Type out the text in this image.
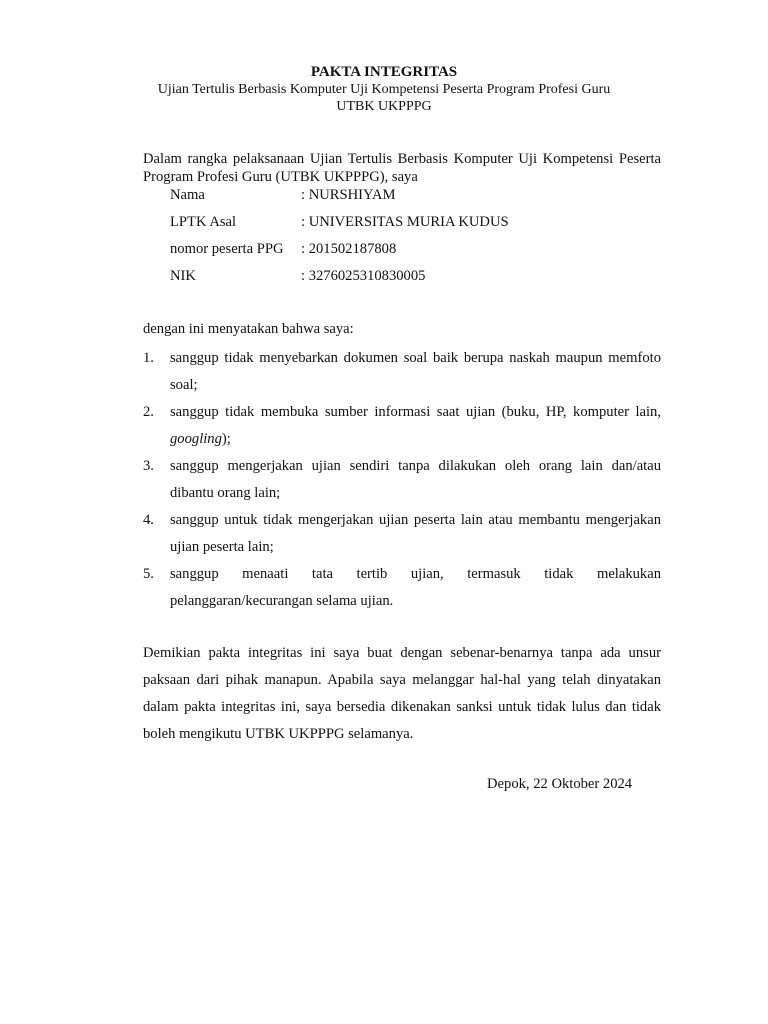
PAKTA INTEGRITAS
Ujian Tertulis Berbasis Komputer Uji Kompetensi Peserta Program Profesi Guru
UTBK UKPPPG
Dalam rangka pelaksanaan Ujian Tertulis Berbasis Komputer Uji Kompetensi Peserta Program Profesi Guru (UTBK UKPPPG), saya
Nama	: NURSHIYAM
LPTK Asal	: UNIVERSITAS MURIA KUDUS
nomor peserta PPG	: 201502187808
NIK	: 3276025310830005
dengan ini menyatakan bahwa saya:
1.	sanggup tidak menyebarkan dokumen soal baik berupa naskah maupun memfoto
soal;
2.	sanggup tidak membuka sumber informasi saat ujian (buku, HP, komputer lain,
googling);
3.	sanggup mengerjakan ujian sendiri tanpa dilakukan oleh orang lain dan/atau
dibantu orang lain;
4.	sanggup untuk tidak mengerjakan ujian peserta lain atau membantu mengerjakan
ujian peserta lain;
5.	sanggup menaati tata tertib ujian, termasuk tidak melakukan
pelanggaran/kecurangan selama ujian.
Demikian pakta integritas ini saya buat dengan sebenar-benarnya tanpa ada unsur paksaan dari pihak manapun. Apabila saya melanggar hal-hal yang telah dinyatakan dalam pakta integritas ini, saya bersedia dikenakan sanksi untuk tidak lulus dan tidak boleh mengikutu UTBK UKPPPG selamanya.
Depok, 22 Oktober 2024
